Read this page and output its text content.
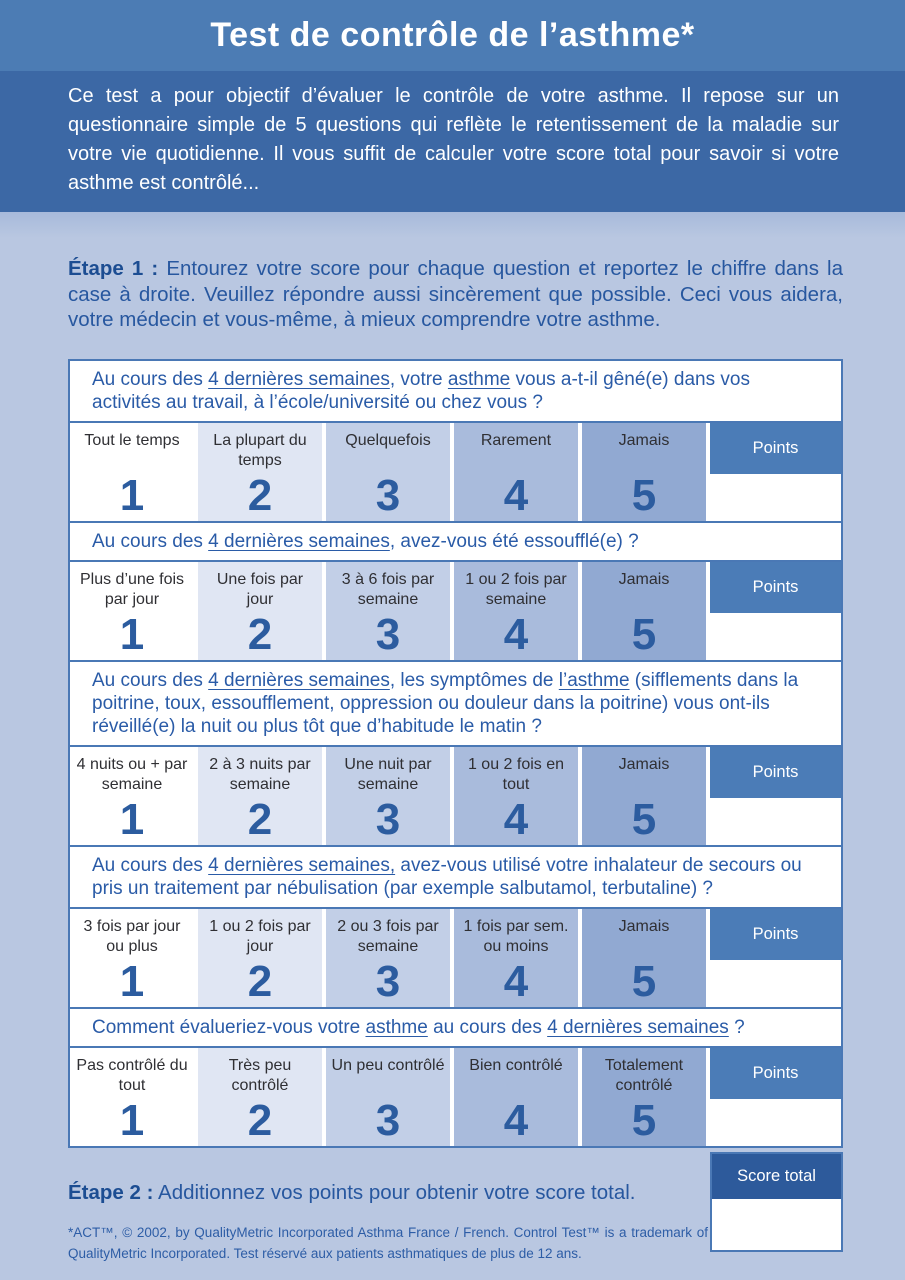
Test de contrôle de l’asthme*

Ce test a pour objectif d’évaluer le contrôle de votre asthme. Il repose sur un questionnaire simple de 5 questions qui reflète le retentissement de la maladie sur votre vie quotidienne. Il vous suffit de calculer votre score total pour savoir si votre asthme est contrôlé...

Étape 1 : Entourez votre score pour chaque question et reportez le chiffre dans la case à droite. Veuillez répondre aussi sincèrement que possible. Ceci vous aidera, votre médecin et vous-même, à mieux comprendre votre asthme.

Au cours des 4 dernières semaines, votre asthme vous a-t-il gêné(e) dans vos activités au travail, à l’école/université ou chez vous ?
Tout le temps
1
La plupart du temps
2
Quelquefois
3
Rarement
4
Jamais
5
Points
Au cours des 4 dernières semaines, avez-vous été essoufflé(e) ?
Plus d’une fois par jour
1
Une fois par jour
2
3 à 6 fois par semaine
3
1 ou 2 fois par semaine
4
Jamais
5
Points
Au cours des 4 dernières semaines, les symptômes de l’asthme (sifflements dans la poitrine, toux, essoufflement, oppression ou douleur dans la poitrine) vous ont-ils réveillé(e) la nuit ou plus tôt que d’habitude le matin ?
4 nuits ou + par semaine
1
2 à 3 nuits par semaine
2
Une nuit par semaine
3
1 ou 2 fois en tout
4
Jamais
5
Points
Au cours des 4 dernières semaines, avez-vous utilisé votre inhalateur de secours ou pris un traitement par nébulisation (par exemple salbutamol, terbutaline) ?
3 fois par jour ou plus
1
1 ou 2 fois par jour
2
2 ou 3 fois par semaine
3
1 fois par sem. ou moins
4
Jamais
5
Points
Comment évalueriez-vous votre asthme au cours des 4 dernières semaines ?
Pas contrôlé du tout
1
Très peu contrôlé
2
Un peu contrôlé
3
Bien contrôlé
4
Totalement contrôlé
5
Points
Score total

Étape 2 : Additionnez vos points pour obtenir votre score total.

*ACT™, © 2002, by QualityMetric Incorporated Asthma France / French. Control Test™ is a trademark of QualityMetric Incorporated. Test réservé aux patients asthmatiques de plus de 12 ans.
